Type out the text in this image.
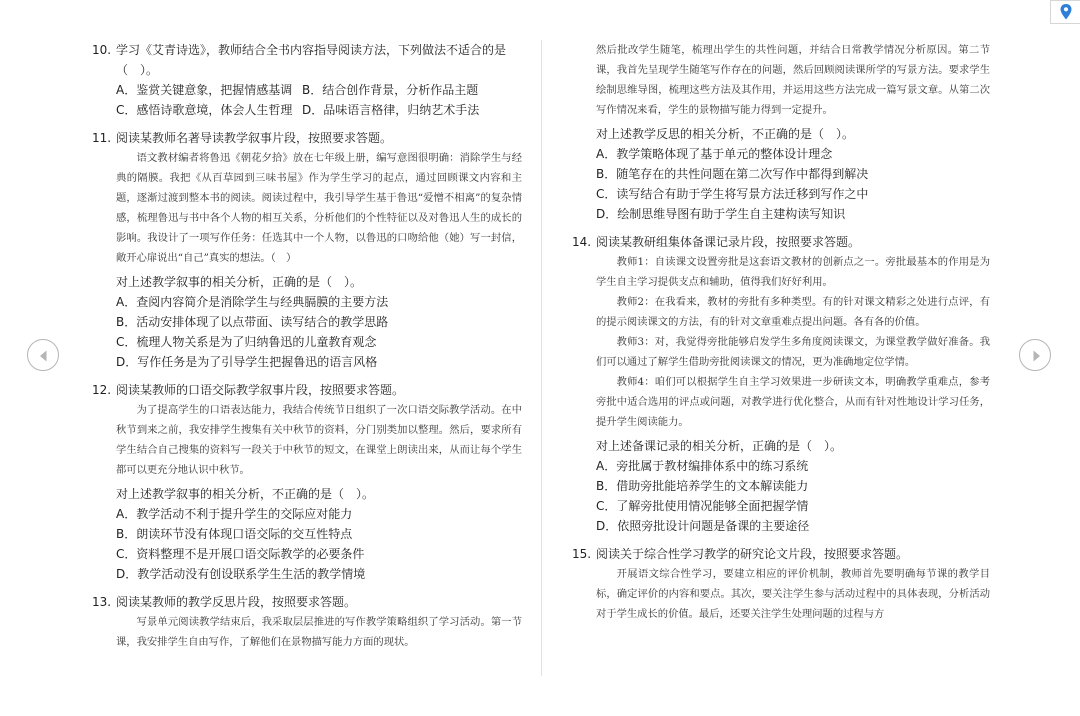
10. 学习《艾青诗选》，教师结合全书内容指导阅读方法，下列做法不适合的是
（　）。
A．鉴赏关键意象，把握情感基调 B．结合创作背景，分析作品主题
C．感悟诗歌意境，体会人生哲理 D．品味语言格律，归纳艺术手法
11. 阅读某教师名著导读教学叙事片段，按照要求答题。
语文教材编者将鲁迅《朝花夕拾》放在七年级上册，编写意图很明确：消除学生与经典的隔膜。我把《从百草园到三味书屋》作为学生学习的起点，通过回顾课文内容和主题，逐渐过渡到整本书的阅读。阅读过程中，我引导学生基于鲁迅“爱憎不相离”的复杂情感，梳理鲁迅与书中各个人物的相互关系，分析他们的个性特征以及对鲁迅人生的成长的影响。我设计了一项写作任务：任选其中一个人物，以鲁迅的口吻给他（她）写一封信，敞开心扉说出“自己”真实的想法。（　）
对上述教学叙事的相关分析，正确的是（　）。
A．查阅内容简介是消除学生与经典膈膜的主要方法
B．活动安排体现了以点带面、读写结合的教学思路
C．梳理人物关系是为了归纳鲁迅的儿童教育观念
D．写作任务是为了引导学生把握鲁迅的语言风格
12. 阅读某教师的口语交际教学叙事片段，按照要求答题。
为了提高学生的口语表达能力，我结合传统节日组织了一次口语交际教学活动。在中秋节到来之前，我安排学生搜集有关中秋节的资料，分门别类加以整理。然后，要求所有学生结合自己搜集的资料写一段关于中秋节的短文，在课堂上朗读出来，从而让每个学生都可以更充分地认识中秋节。
对上述教学叙事的相关分析，不正确的是（　）。
A．教学活动不利于提升学生的交际应对能力
B．朗读环节没有体现口语交际的交互性特点
C．资料整理不是开展口语交际教学的必要条件
D．教学活动没有创设联系学生生活的教学情境
13. 阅读某教师的教学反思片段，按照要求答题。
写景单元阅读教学结束后，我采取层层推进的写作教学策略组织了学习活动。第一节课，我安排学生自由写作，了解他们在景物描写能力方面的现状。
然后批改学生随笔，梳理出学生的共性问题，并结合日常教学情况分析原因。第二节课，我首先呈现学生随笔写作存在的问题，然后回顾阅读课所学的写景方法。要求学生绘制思维导图，梳理这些方法及其作用，并运用这些方法完成一篇写景文章。从第二次写作情况来看，学生的景物描写能力得到一定提升。
对上述教学反思的相关分析，不正确的是（　）。
A．教学策略体现了基于单元的整体设计理念
B．随笔存在的共性问题在第二次写作中都得到解决
C．读写结合有助于学生将写景方法迁移到写作之中
D．绘制思维导图有助于学生自主建构读写知识
14. 阅读某教研组集体备课记录片段，按照要求答题。
教师1：自读课文设置旁批是这套语文教材的创新点之一。旁批最基本的作用是为学生自主学习提供支点和辅助，值得我们好好利用。
教师2：在我看来，教材的旁批有多种类型。有的针对课文精彩之处进行点评，有的提示阅读课文的方法，有的针对文章重难点提出问题。各有各的价值。
教师3：对，我觉得旁批能够启发学生多角度阅读课文，为课堂教学做好准备。我们可以通过了解学生借助旁批阅读课文的情况，更为准确地定位学情。
教师4：咱们可以根据学生自主学习效果进一步研读文本，明确教学重难点，参考旁批中适合选用的评点或问题，对教学进行优化整合，从而有针对性地设计学习任务，提升学生阅读能力。
对上述备课记录的相关分析，正确的是（　）。
A．旁批属于教材编排体系中的练习系统
B．借助旁批能培养学生的文本解读能力
C．了解旁批使用情况能够全面把握学情
D．依照旁批设计问题是备课的主要途径
15. 阅读关于综合性学习教学的研究论文片段，按照要求答题。
开展语文综合性学习，要建立相应的评价机制，教师首先要明确每节课的教学目标，确定评价的内容和要点。其次，要关注学生参与活动过程中的具体表现，分析活动对于学生成长的价值。最后，还要关注学生处理问题的过程与方
